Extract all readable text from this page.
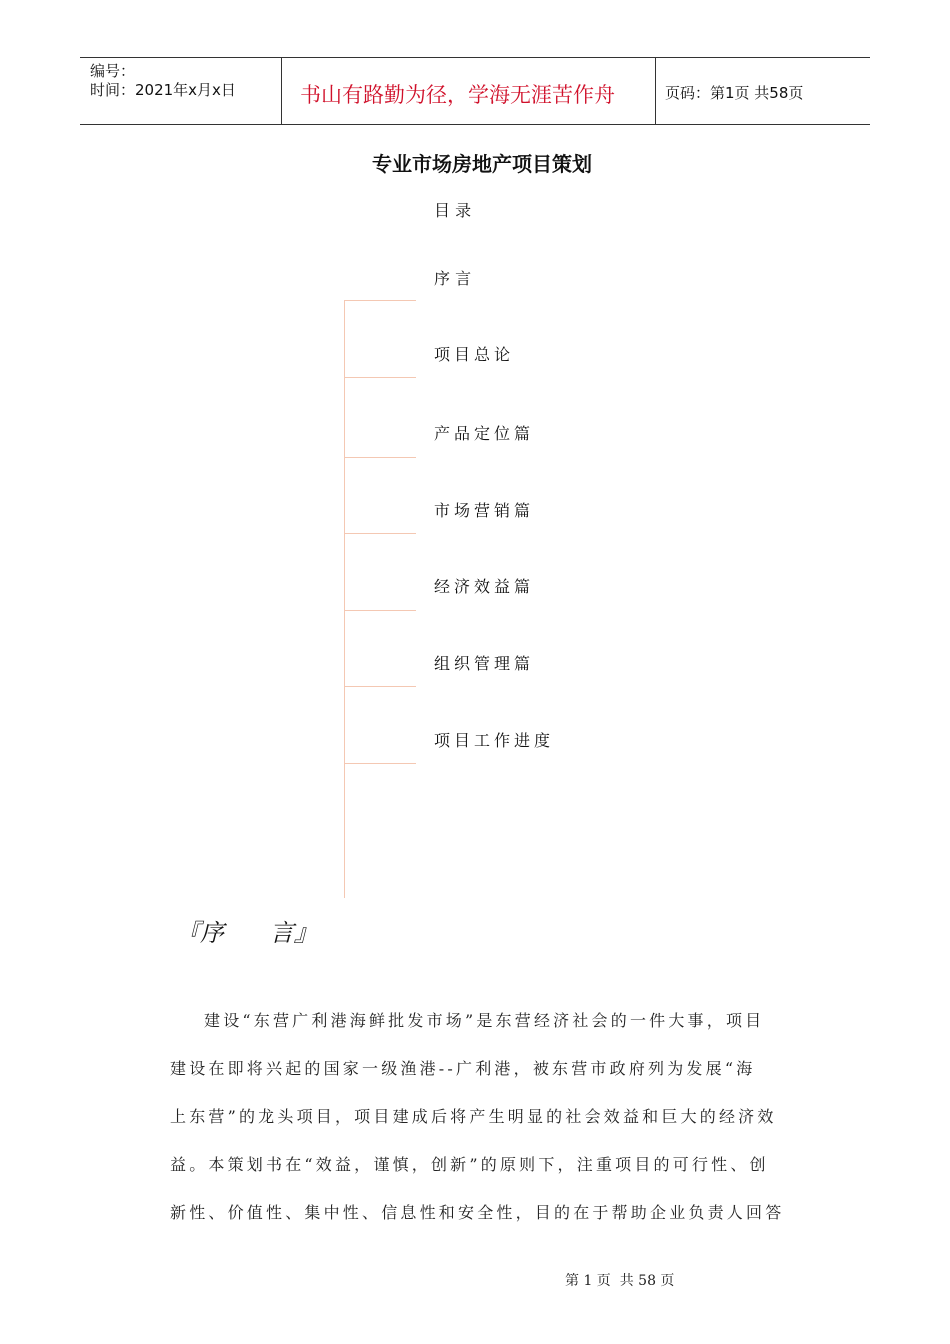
编号：
时间：2021年x月x日	书山有路勤为径，学海无涯苦作舟	页码：第1页 共58页
专业市场房地产项目策划
目 录
序 言
项目总论
产品定位篇
市场营销篇
经济效益篇
组织管理篇
项目工作进度
『序      言』
建设“东营广利港海鲜批发市场”是东营经济社会的一件大事，项目
建设在即将兴起的国家一级渔港--广利港，被东营市政府列为发展“海
上东营”的龙头项目，项目建成后将产生明显的社会效益和巨大的经济效
益。本策划书在“效益，谨慎，创新”的原则下，注重项目的可行性、创
新性、价值性、集中性、信息性和安全性，目的在于帮助企业负责人回答
第 1 页  共 58 页
